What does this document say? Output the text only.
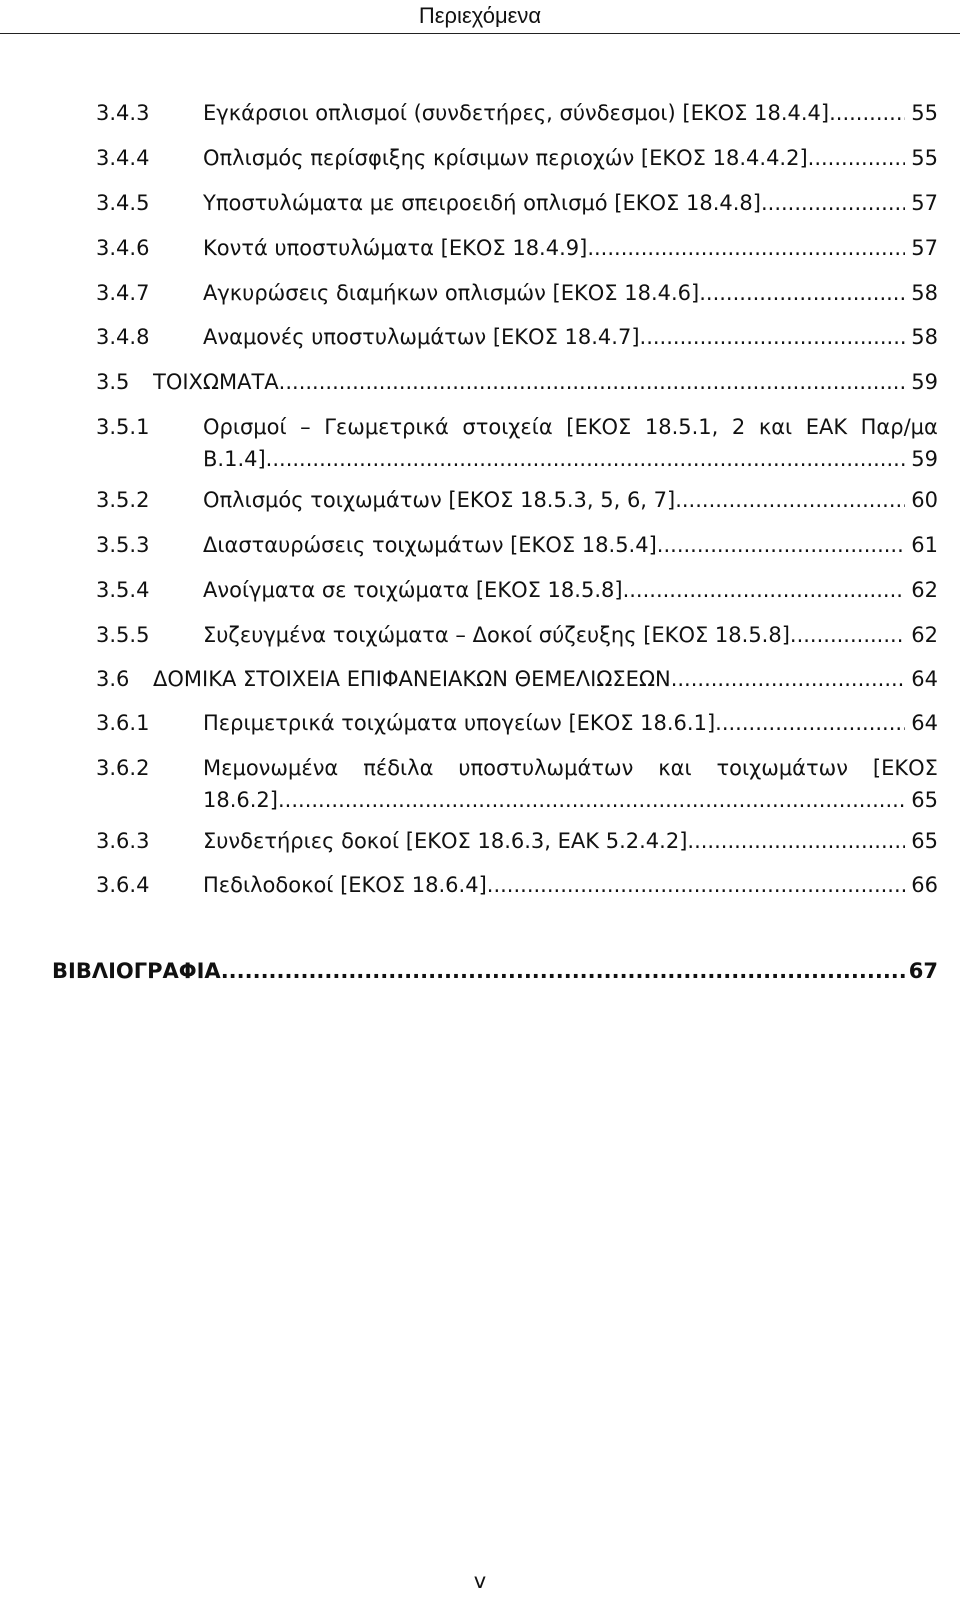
Περιεχόμενα
3.4.3	Εγκάρσιοι οπλισμοί (συνδετήρες, σύνδεσμοι) [ΕΚΟΣ 18.4.4] .....	55
3.4.4	Οπλισμός περίσφιξης κρίσιμων περιοχών [ΕΚΟΣ 18.4.4.2] .....	55
3.4.5	Υποστυλώματα με σπειροειδή οπλισμό [ΕΚΟΣ 18.4.8] .....	57
3.4.6	Κοντά υποστυλώματα [ΕΚΟΣ 18.4.9] .....	57
3.4.7	Αγκυρώσεις διαμήκων οπλισμών [ΕΚΟΣ 18.4.6] .....	58
3.4.8	Αναμονές υποστυλωμάτων [ΕΚΟΣ 18.4.7] .....	58
3.5 ΤΟΙΧΩΜΑΤΑ .....	59
3.5.1	Ορισμοί – Γεωμετρικά στοιχεία [ΕΚΟΣ 18.5.1, 2 και ΕΑΚ Παρ/μα
Β.1.4] .....	59
3.5.2	Οπλισμός τοιχωμάτων [ΕΚΟΣ 18.5.3, 5, 6, 7] .....	60
3.5.3	Διασταυρώσεις τοιχωμάτων [ΕΚΟΣ 18.5.4] .....	61
3.5.4	Ανοίγματα σε τοιχώματα [ΕΚΟΣ 18.5.8] .....	62
3.5.5	Συζευγμένα τοιχώματα – Δοκοί σύζευξης [ΕΚΟΣ 18.5.8] .....	62
3.6 ΔΟΜΙΚΑ ΣΤΟΙΧΕΙΑ ΕΠΙΦΑΝΕΙΑΚΩΝ ΘΕΜΕΛΙΩΣΕΩΝ .....	64
3.6.1	Περιμετρικά τοιχώματα υπογείων [ΕΚΟΣ 18.6.1] .....	64
3.6.2	Μεμονωμένα πέδιλα υποστυλωμάτων και τοιχωμάτων [ΕΚΟΣ
18.6.2] .....	65
3.6.3	Συνδετήριες δοκοί [ΕΚΟΣ 18.6.3, ΕΑΚ 5.2.4.2] .....	65
3.6.4	Πεδιλοδοκοί [ΕΚΟΣ 18.6.4] .....	66
ΒΙΒΛΙΟΓΡΑΦΙΑ .....	67
v
